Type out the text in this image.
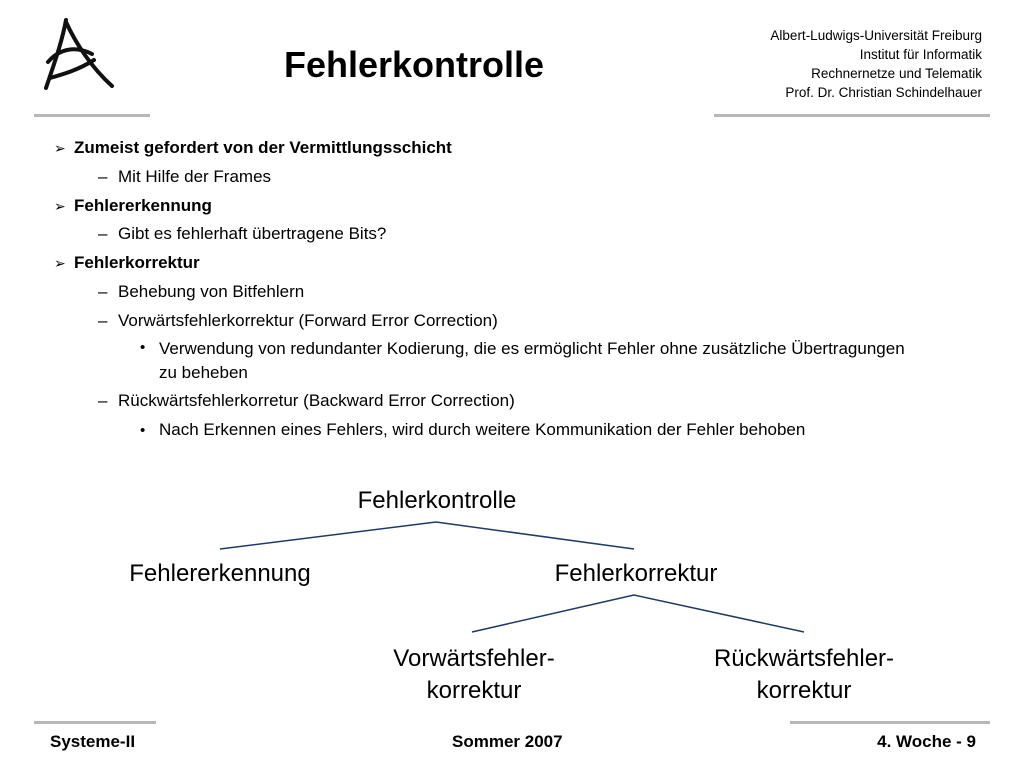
Fehlerkontrolle
Albert-Ludwigs-Universität Freiburg
Institut für Informatik
Rechnernetze und Telematik
Prof. Dr. Christian Schindelhauer
➢ Zumeist gefordert von der Vermittlungsschicht
– Mit Hilfe der Frames
➢ Fehlererkennung
– Gibt es fehlerhaft übertragene Bits?
➢ Fehlerkorrektur
– Behebung von Bitfehlern
– Vorwärtsfehlerkorrektur (Forward Error Correction)
• Verwendung von redundanter Kodierung, die es ermöglicht Fehler ohne zusätzliche Übertragungen zu beheben
– Rückwärtsfehlerkorretur (Backward Error Correction)
• Nach Erkennen eines Fehlers, wird durch weitere Kommunikation der Fehler behoben
Fehlerkontrolle
Fehlererkennung	Fehlerkorrektur
Vorwärtsfehler-
korrektur
Rückwärtsfehler-
korrektur
Systeme-II	Sommer 2007	4. Woche - 9
